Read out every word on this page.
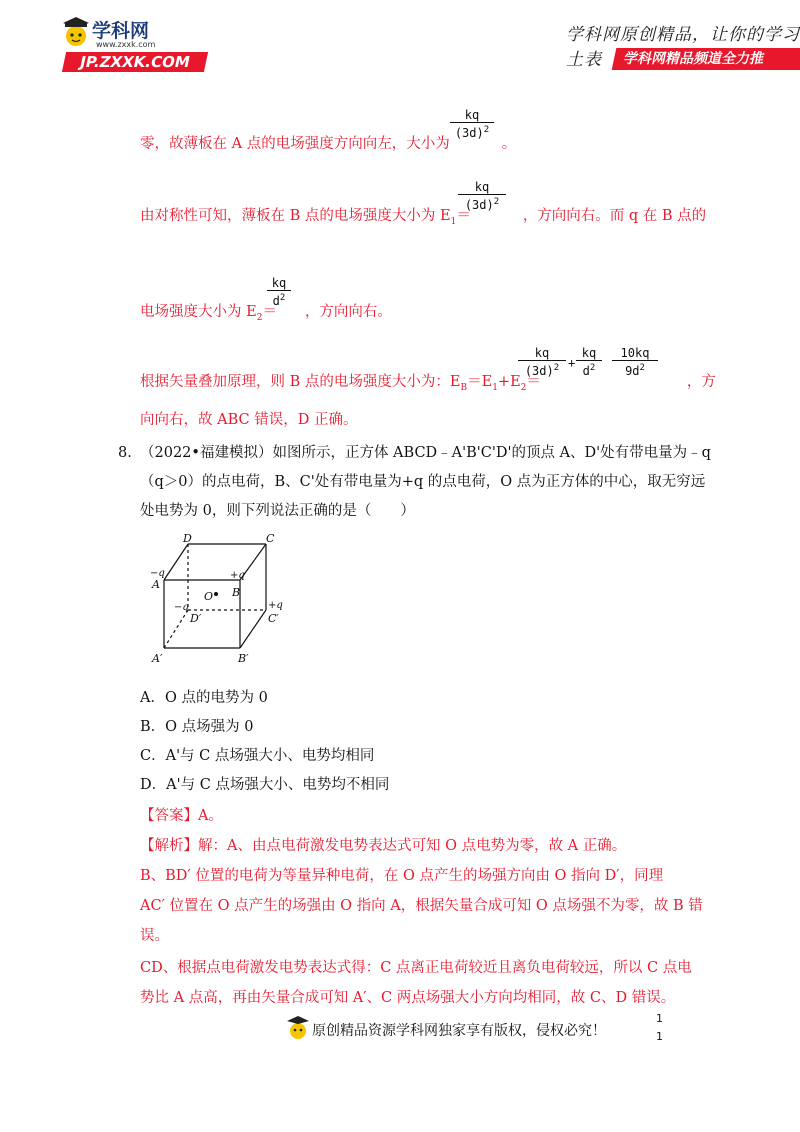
学科网
www.zxxk.com
JP.ZXXK.COM
学科网原创精品，让你的学习土表	学科网精品频道全力推
kq
$(3d)^2$
零，故薄板在 A 点的电场强度方向向左，大小为	。
kq
$(3d)^2$
由对称性可知，薄板在 B 点的电场强度大小为 $E_1=$	，方向向右。而 q 在 B 点的
kq
$d^2$
电场强度大小为 $E_2=$ ，方向向右。
kq
$(3d)^2$ +
kq
$d^2$
10kq
$9d^2$
根据矢量叠加原理，则 B 点的电场强度大小为：$E_B=E_1+E_2=$	，方
向向右，故 ABC 错误，D 正确。
8. （2022•福建模拟）如图所示，正方体 ABCD﹣A'B'C'D'的顶点 A、D'处有带电量为﹣q
（q＞0）的点电荷，B、C'处有带电量为+q 的点电荷，O 点为正方体的中心，取无穷远
处电势为 0，则下列说法正确的是（　　）
D	C
A
B
O
D′	C′
A′	B′
−q	+q
−q	+q
A．O 点的电势为 0
B．O 点场强为 0
C．A'与 C 点场强大小、电势均相同
D．A'与 C 点场强大小、电势均不相同
【答案】A。
【解析】解：A、由点电荷激发电势表达式可知 O 点电势为零，故 A 正确。
B、BD′ 位置的电荷为等量异种电荷，在 O 点产生的场强方向由 O 指向 D′，同理
AC′ 位置在 O 点产生的场强由 O 指向 A，根据矢量合成可知 O 点场强不为零，故 B 错
误。
CD、根据点电荷激发电势表达式得：C 点离正电荷较近且离负电荷较远，所以 C 点电
势比 A 点高，再由矢量合成可知 A′、C 两点场强大小方向均相同，故 C、D 错误。
原创精品资源学科网独家享有版权，侵权必究！
1
1
